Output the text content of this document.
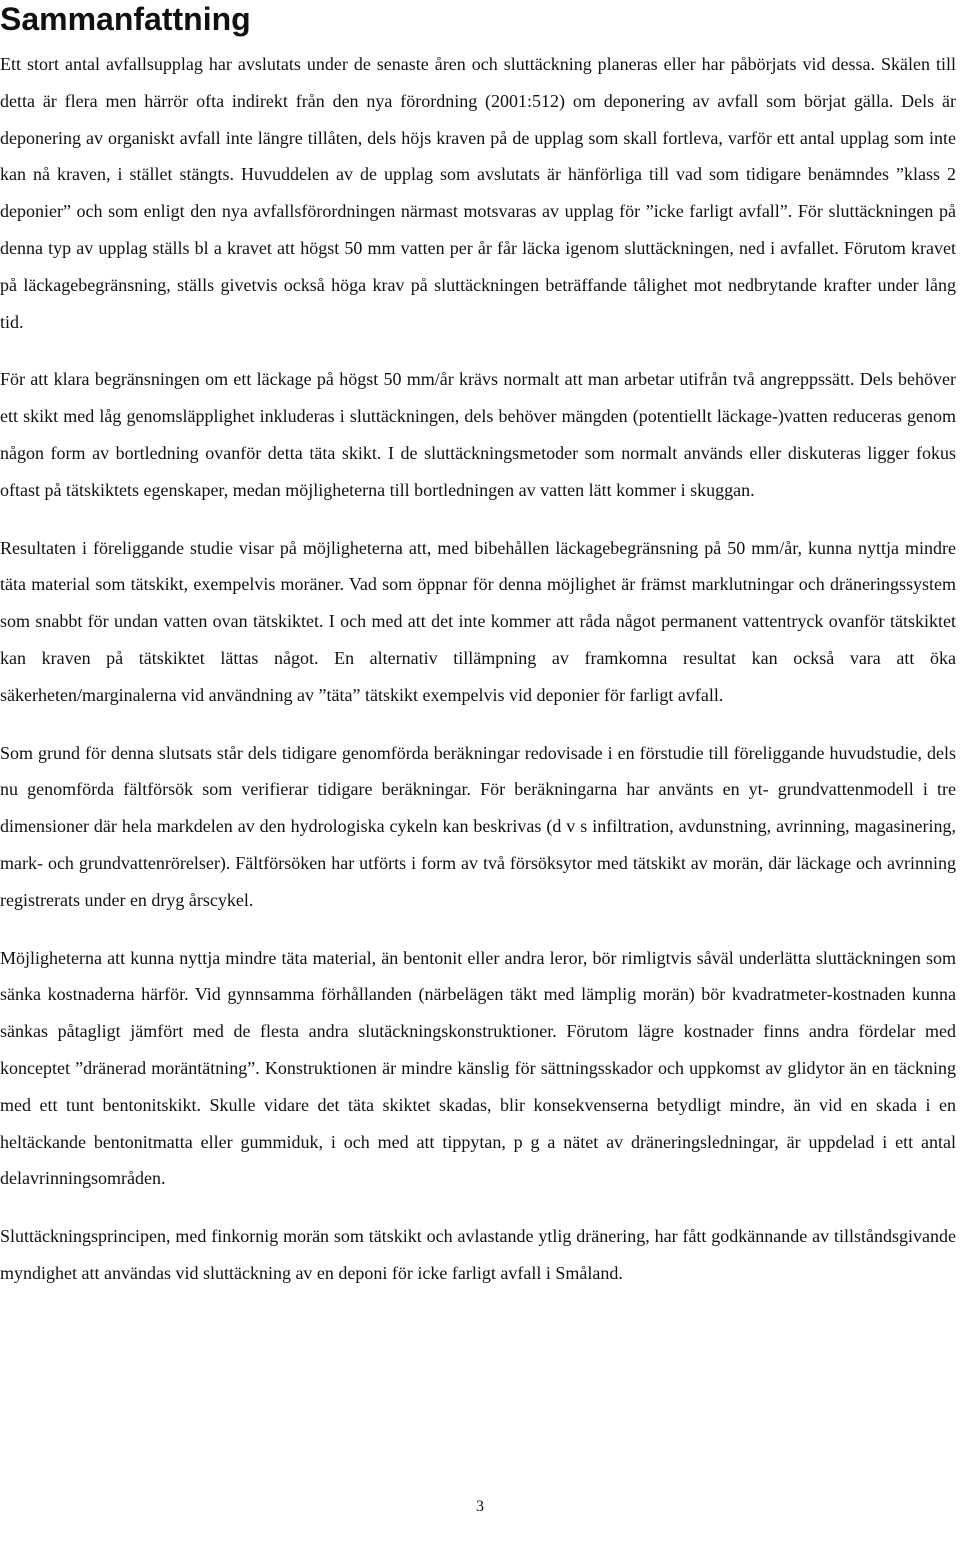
Sammanfattning

Ett stort antal avfallsupplag har avslutats under de senaste åren och sluttäckning planeras eller har påbörjats vid dessa. Skälen till detta är flera men härrör ofta indirekt från den nya förordning (2001:512) om deponering av avfall som börjat gälla. Dels är deponering av organiskt avfall inte längre tillåten, dels höjs kraven på de upplag som skall fortleva, varför ett antal upplag som inte kan nå kraven, i stället stängts. Huvuddelen av de upplag som avslutats är hänförliga till vad som tidigare benämndes ”klass 2 deponier” och som enligt den nya avfallsförordningen närmast motsvaras av upplag för ”icke farligt avfall”. För sluttäckningen på denna typ av upplag ställs bl a kravet att högst 50 mm vatten per år får läcka igenom sluttäckningen, ned i avfallet. Förutom kravet på läckagebegränsning, ställs givetvis också höga krav på sluttäckningen beträffande tålighet mot nedbrytande krafter under lång tid.

För att klara begränsningen om ett läckage på högst 50 mm/år krävs normalt att man arbetar utifrån två angreppssätt. Dels behöver ett skikt med låg genomsläpplighet inkluderas i sluttäckningen, dels behöver mängden (potentiellt läckage-)vatten reduceras genom någon form av bortledning ovanför detta täta skikt. I de sluttäckningsmetoder som normalt används eller diskuteras ligger fokus oftast på tätskiktets egenskaper, medan möjligheterna till bortledningen av vatten lätt kommer i skuggan.

Resultaten i föreliggande studie visar på möjligheterna att, med bibehållen läckagebegränsning på 50 mm/år, kunna nyttja mindre täta material som tätskikt, exempelvis moräner. Vad som öppnar för denna möjlighet är främst marklutningar och dräneringssystem som snabbt för undan vatten ovan tätskiktet. I och med att det inte kommer att råda något permanent vattentryck ovanför tätskiktet kan kraven på tätskiktet lättas något. En alternativ tillämpning av framkomna resultat kan också vara att öka säkerheten/marginalerna vid användning av ”täta” tätskikt exempelvis vid deponier för farligt avfall.

Som grund för denna slutsats står dels tidigare genomförda beräkningar redovisade i en förstudie till föreliggande huvudstudie, dels nu genomförda fältförsök som verifierar tidigare beräkningar. För beräkningarna har använts en yt- grundvattenmodell i tre dimensioner där hela markdelen av den hydrologiska cykeln kan beskrivas (d v s infiltration, avdunstning, avrinning, magasinering, mark- och grundvattenrörelser). Fältförsöken har utförts i form av två försöksytor med tätskikt av morän, där läckage och avrinning registrerats under en dryg årscykel.

Möjligheterna att kunna nyttja mindre täta material, än bentonit eller andra leror, bör rimligtvis såväl underlätta sluttäckningen som sänka kostnaderna härför. Vid gynnsamma förhållanden (närbelägen täkt med lämplig morän) bör kvadratmeter-kostnaden kunna sänkas påtagligt jämfört med de flesta andra slutäckningskonstruktioner. Förutom lägre kostnader finns andra fördelar med konceptet ”dränerad moräntätning”. Konstruktionen är mindre känslig för sättningsskador och uppkomst av glidytor än en täckning med ett tunt bentonitskikt. Skulle vidare det täta skiktet skadas, blir konsekvenserna betydligt mindre, än vid en skada i en heltäckande bentonitmatta eller gummiduk, i och med att tippytan, p g a nätet av dräneringsledningar, är uppdelad i ett antal delavrinningsområden.

Sluttäckningsprincipen, med finkornig morän som tätskikt och avlastande ytlig dränering, har fått godkännande av tillståndsgivande myndighet att användas vid sluttäckning av en deponi för icke farligt avfall i Småland.

3
